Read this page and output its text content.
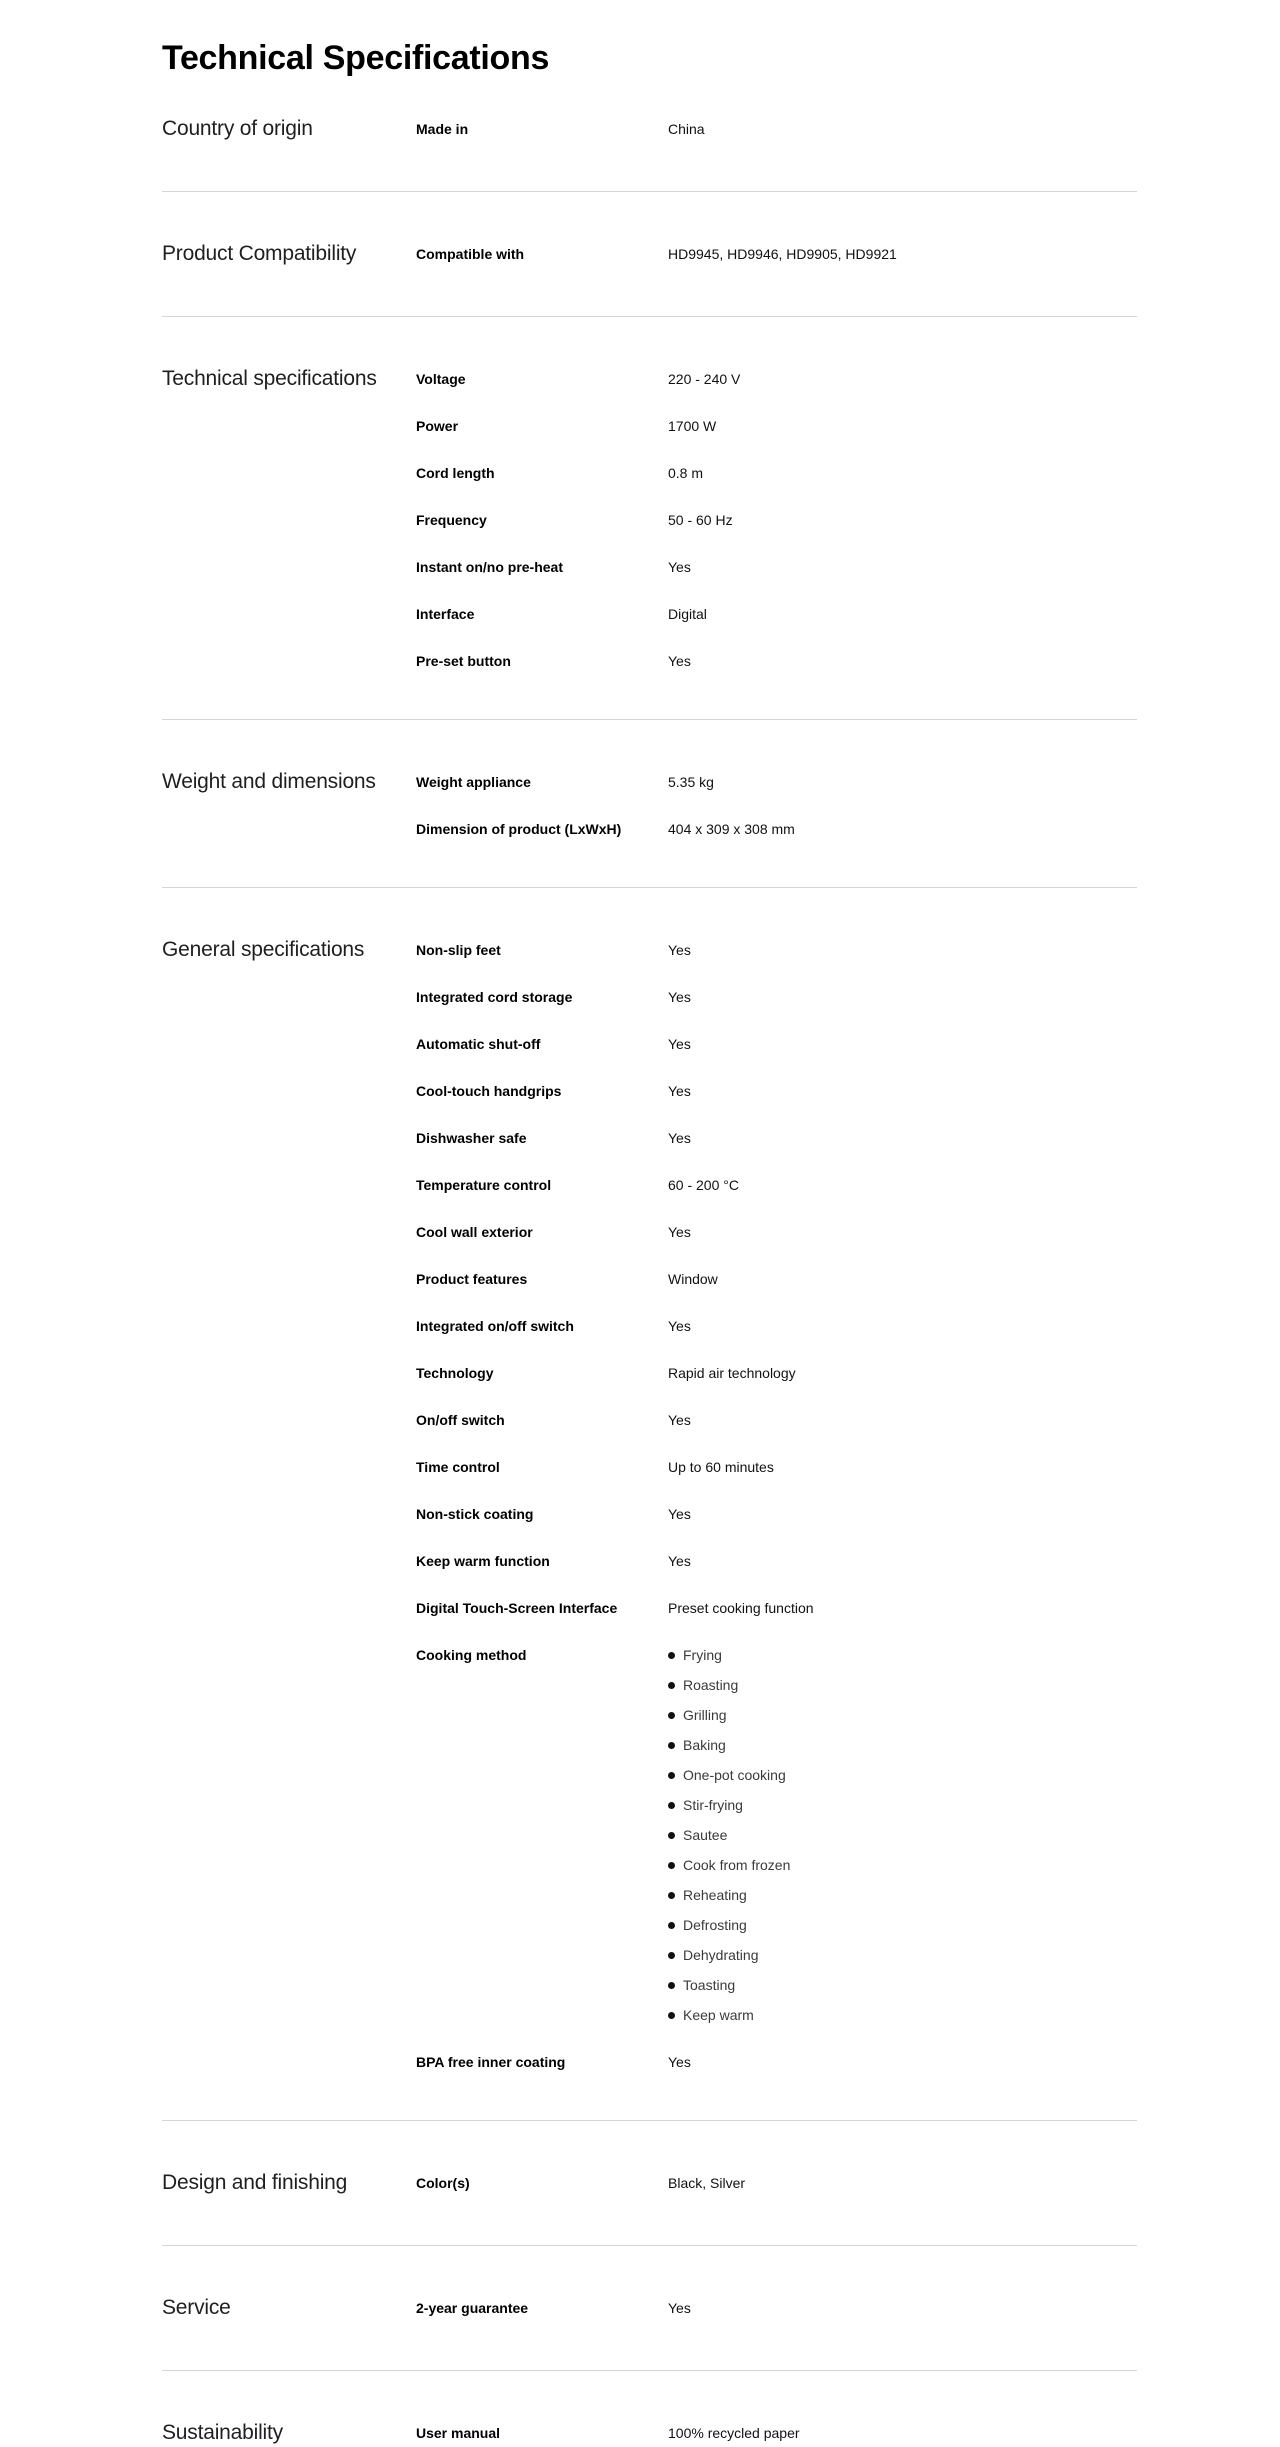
Technical Specifications
Country of origin	Made in	China
Product Compatibility	Compatible with	HD9945, HD9946, HD9905, HD9921
Technical specifications	Voltage	220 - 240 V
Power	1700 W
Cord length	0.8 m
Frequency	50 - 60 Hz
Instant on/no pre-heat	Yes
Interface	Digital
Pre-set button	Yes
Weight and dimensions	Weight appliance	5.35 kg
Dimension of product (LxWxH)	404 x 309 x 308 mm
General specifications	Non-slip feet	Yes
Integrated cord storage	Yes
Automatic shut-off	Yes
Cool-touch handgrips	Yes
Dishwasher safe	Yes
Temperature control	60 - 200 °C
Cool wall exterior	Yes
Product features	Window
Integrated on/off switch	Yes
Technology	Rapid air technology
On/off switch	Yes
Time control	Up to 60 minutes
Non-stick coating	Yes
Keep warm function	Yes
Digital Touch-Screen Interface	Preset cooking function
Cooking method	Frying
Roasting
Grilling
Baking
One-pot cooking
Stir-frying
Sautee
Cook from frozen
Reheating
Defrosting
Dehydrating
Toasting
Keep warm
BPA free inner coating	Yes
Design and finishing	Color(s)	Black, Silver
Service	2-year guarantee	Yes
Sustainability	User manual	100% recycled paper
